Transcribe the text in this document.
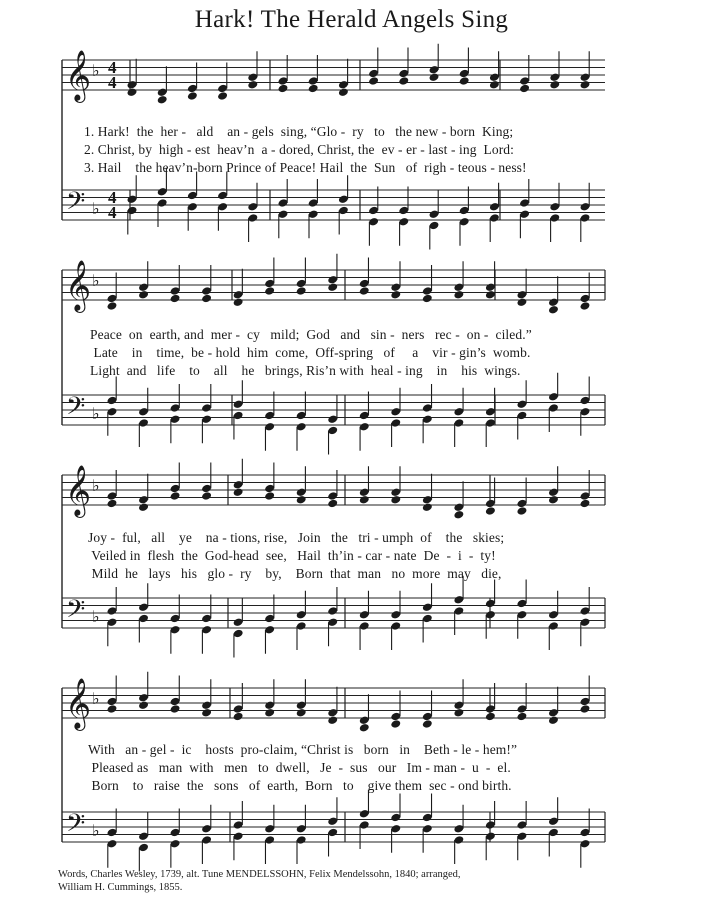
Hark! The Herald Angels Sing
𝄞
𝄢
♭
♭
4
4
4
4
1. Hark!  the  her -   ald    an - gels  sing, “Glo -  ry   to   the new - born  King;
2. Christ, by  high - est  heav’n  a - dored, Christ, the  ev - er - last - ing  Lord:
3. Hail    the heav’n-born Prince of Peace! Hail  the  Sun   of  righ - teous - ness!
𝄞
𝄢
♭
♭
Peace  on  earth, and  mer -  cy   mild;  God   and   sin -  ners   rec -  on -  ciled.”
Late    in    time,  be - hold  him  come,  Off-spring   of     a    vir - gin’s  womb.
Light  and   life    to    all    he   brings, Ris’n with  heal - ing    in    his  wings.
𝄞
𝄢
♭
♭
Joy -  ful,   all    ye    na - tions, rise,   Join   the   tri - umph  of    the   skies;
Veiled in  flesh  the  God-head  see,   Hail  th’in - car - nate  De  -  i  -  ty!
Mild  he   lays   his   glo -  ry    by,    Born  that  man   no  more  may   die,
𝄞
𝄢
♭
♭
With   an - gel -  ic    hosts  pro-claim, “Christ is   born   in    Beth - le - hem!”
Pleased as   man  with   men   to  dwell,   Je  -  sus   our   Im - man -  u  -  el.
Born    to   raise  the   sons   of  earth,  Born   to    give them  sec - ond birth.
Words, Charles Wesley, 1739, alt. Tune MENDELSSOHN, Felix Mendelssohn, 1840; arranged,
William H. Cummings, 1855.
